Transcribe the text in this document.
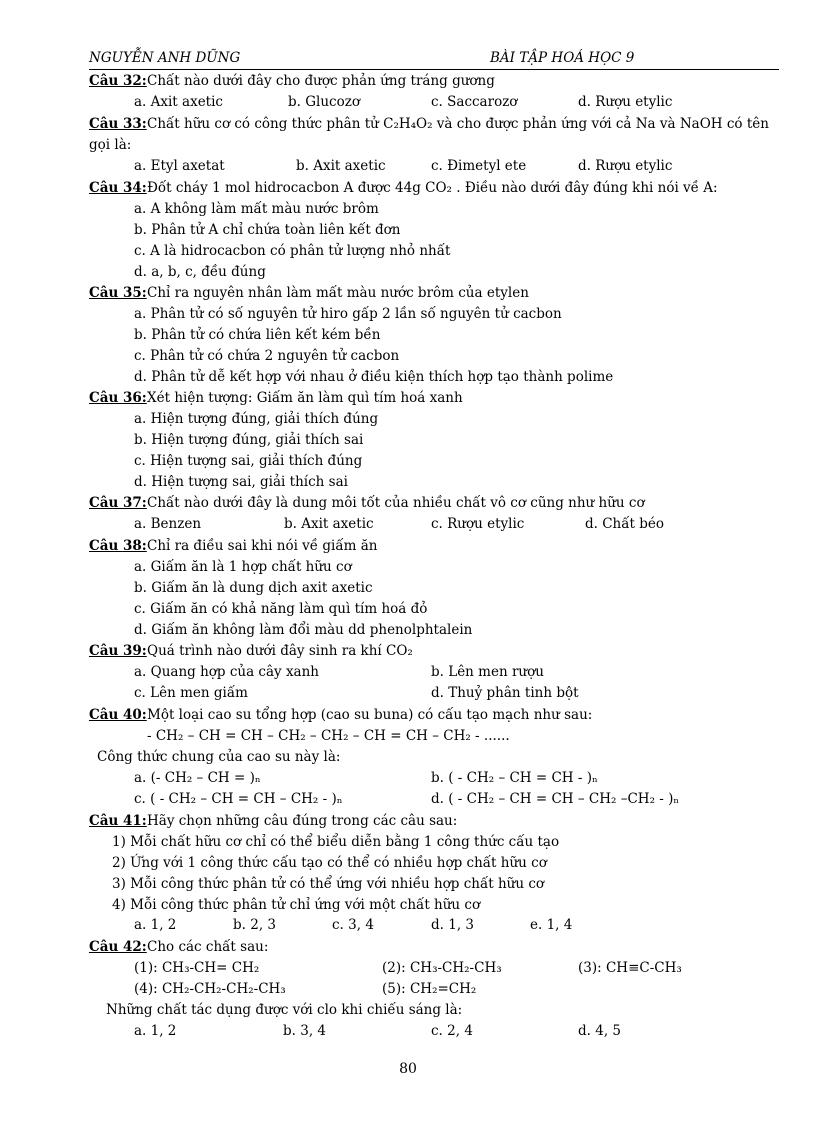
NGUYỄN ANH DŨNG	BÀI TẬP HOÁ HỌC 9
Câu 32: Chất nào dưới đây cho được phản ứng tráng gương
a. Axit axetic	b. Glucozơ	c. Saccarozơ	d. Rượu etylic
Câu 33: Chất hữu cơ có công thức phân tử C₂H₄O₂ và cho được phản ứng với cả Na và NaOH có tên
gọi là:
a. Etyl axetat	b. Axit axetic	c. Đimetyl ete	d. Rượu etylic
Câu 34: Đốt cháy 1 mol hidrocacbon A được 44g CO₂ . Điều nào dưới đây đúng khi nói về A:
a. A không làm mất màu nước brôm
b. Phân tử A chỉ chứa toàn liên kết đơn
c. A là hidrocacbon có phân tử lượng nhỏ nhất
d. a, b, c, đều đúng
Câu 35: Chỉ ra nguyên nhân làm mất màu nước brôm của etylen
a. Phân tử có số nguyên tử hiro gấp 2 lần số nguyên tử cacbon
b. Phân tử có chứa liên kết kém bền
c. Phân tử có chứa 2 nguyên tử cacbon
d. Phân tử dễ kết hợp với nhau ở điều kiện thích hợp tạo thành polime
Câu 36: Xét hiện tượng: Giấm ăn làm quì tím hoá xanh
a. Hiện tượng đúng, giải thích đúng
b. Hiện tượng đúng, giải thích sai
c. Hiện tượng sai, giải thích đúng
d. Hiện tượng sai, giải thích sai
Câu 37: Chất nào dưới đây là dung môi tốt của nhiều chất vô cơ cũng như hữu cơ
a. Benzen	b. Axit axetic	c. Rượu etylic	d. Chất béo
Câu 38: Chỉ ra điều sai khi nói về giấm ăn
a. Giấm ăn là 1 hợp chất hữu cơ
b. Giấm ăn là dung dịch axit axetic
c. Giấm ăn có khả năng làm quì tím hoá đỏ
d. Giấm ăn không làm đổi màu dd phenolphtalein
Câu 39: Quá trình nào dưới đây sinh ra khí CO₂
a. Quang hợp của cây xanh	b. Lên men rượu
c. Lên men giấm	d. Thuỷ phân tinh bột
Câu 40: Một loại cao su tổng hợp (cao su buna) có cấu tạo mạch như sau:
- CH₂ – CH = CH – CH₂ – CH₂ – CH = CH – CH₂ - ......
Công thức chung của cao su này là:
a. (- CH₂ – CH = )ₙ	b. ( - CH₂ – CH = CH - )ₙ
c. ( - CH₂ – CH = CH – CH₂ - )ₙ	d. ( - CH₂ – CH = CH – CH₂ –CH₂ - )ₙ
Câu 41: Hãy chọn những câu đúng trong các câu sau:
1) Mỗi chất hữu cơ chỉ có thể biểu diễn bằng 1 công thức cấu tạo
2) Ứng với 1 công thức cấu tạo có thể có nhiều hợp chất hữu cơ
3) Mỗi công thức phân tử có thể ứng với nhiều hợp chất hữu cơ
4) Mỗi công thức phân tử chỉ ứng với một chất hữu cơ
a. 1, 2	b. 2, 3	c. 3, 4	d. 1, 3	e. 1, 4
Câu 42: Cho các chất sau:
(1): CH₃-CH= CH₂	(2): CH₃-CH₂-CH₃	(3): CH≡C-CH₃
(4): CH₂-CH₂-CH₂-CH₃	(5): CH₂=CH₂
Những chất tác dụng được với clo khi chiếu sáng là:
a. 1, 2	b. 3, 4	c. 2, 4	d. 4, 5
80
